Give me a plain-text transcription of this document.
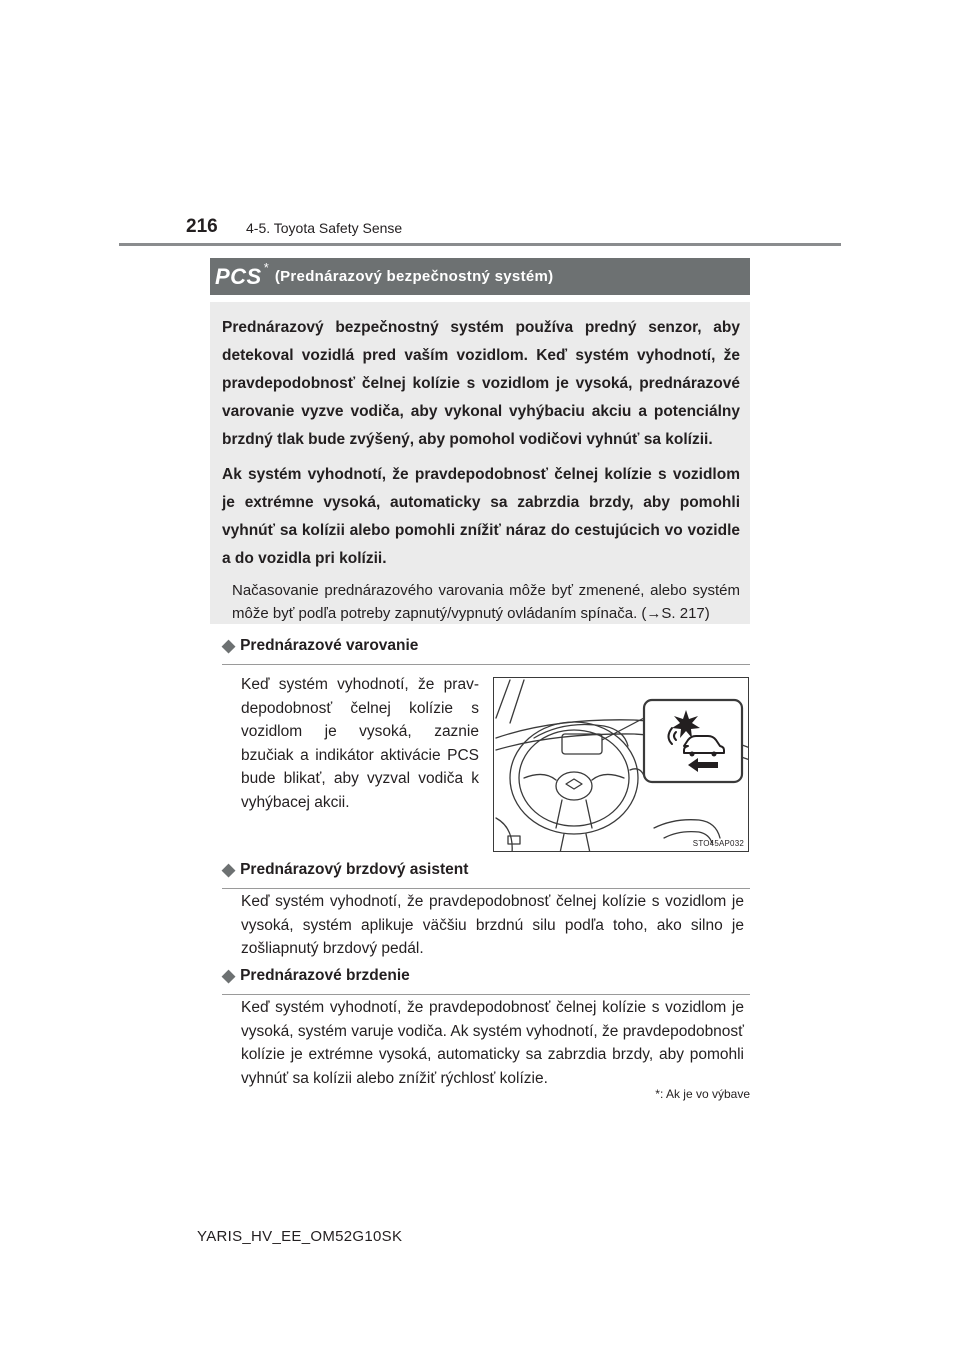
216 4-5. Toyota Safety Sense
PCS *
(Prednárazový bezpečnostný systém)

Prednárazový bezpečnostný systém používa predný senzor, aby detekoval vozidlá pred vaším vozidlom. Keď systém vyhodnotí, že pravdepodobnosť čelnej kolízie s vozidlom je vysoká, prednárazové varovanie vyzve vodiča, aby vykonal vyhýbaciu akciu a potenciálny brzdný tlak bude zvýšený, aby pomohol vodičovi vyhnúť sa kolízii.

Ak systém vyhodnotí, že pravdepodobnosť čelnej kolízie s vozidlom je extrémne vysoká, automaticky sa zabrzdia brzdy, aby pomohli vyhnúť sa kolízii alebo pomohli znížiť náraz do cestujúcich vo vozidle a do vozidla pri kolízii.

Načasovanie prednárazového varovania môže byť zmenené, alebo systém môže byť podľa potreby zapnutý/vypnutý ovládaním spínača. (→S. 217)

◆ Prednárazové varovanie

Keď systém vyhodnotí, že pravdepodobnosť čelnej kolízie s vozidlom je vysoká, zaznie bzučiak a indikátor aktivácie PCS bude blikať, aby vyzval vodiča k vyhýbacej akcii.

STO45AP032
◆ Prednárazový brzdový asistent

Keď systém vyhodnotí, že pravdepodobnosť čelnej kolízie s vozidlom je vysoká, systém aplikuje väčšiu brzdnú silu podľa toho, ako silno je zošliapnutý brzdový pedál.

◆ Prednárazové brzdenie

Keď systém vyhodnotí, že pravdepodobnosť čelnej kolízie s vozidlom je vysoká, systém varuje vodiča. Ak systém vyhodnotí, že pravdepodobnosť kolízie je extrémne vysoká, automaticky sa zabrzdia brzdy, aby pomohli vyhnúť sa kolízii alebo znížiť rýchlosť kolízie.

*: Ak je vo výbave
YARIS_HV_EE_OM52G10SK
